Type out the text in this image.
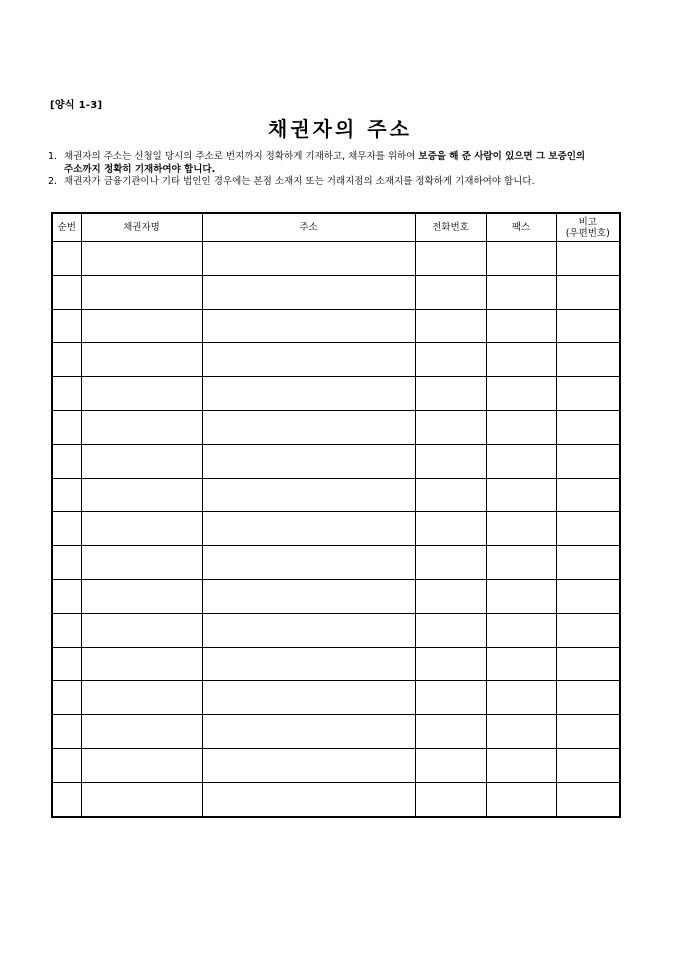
[양식 1-3]
채권자의 주소
1. 채권자의 주소는 신청일 당시의 주소로 번지까지 정확하게 기재하고, 채무자를 위하여 보증을 해 준 사람이 있으면 그 보증인의 주소까지 정확히 기재하여야 합니다.
2. 채권자가 금융기관이나 기타 법인인 경우에는 본점 소재지 또는 거래지점의 소재지를 정확하게 기재하여야 합니다.
순번	채권자명	주소	전화번호	팩스	비고
(우편번호)
